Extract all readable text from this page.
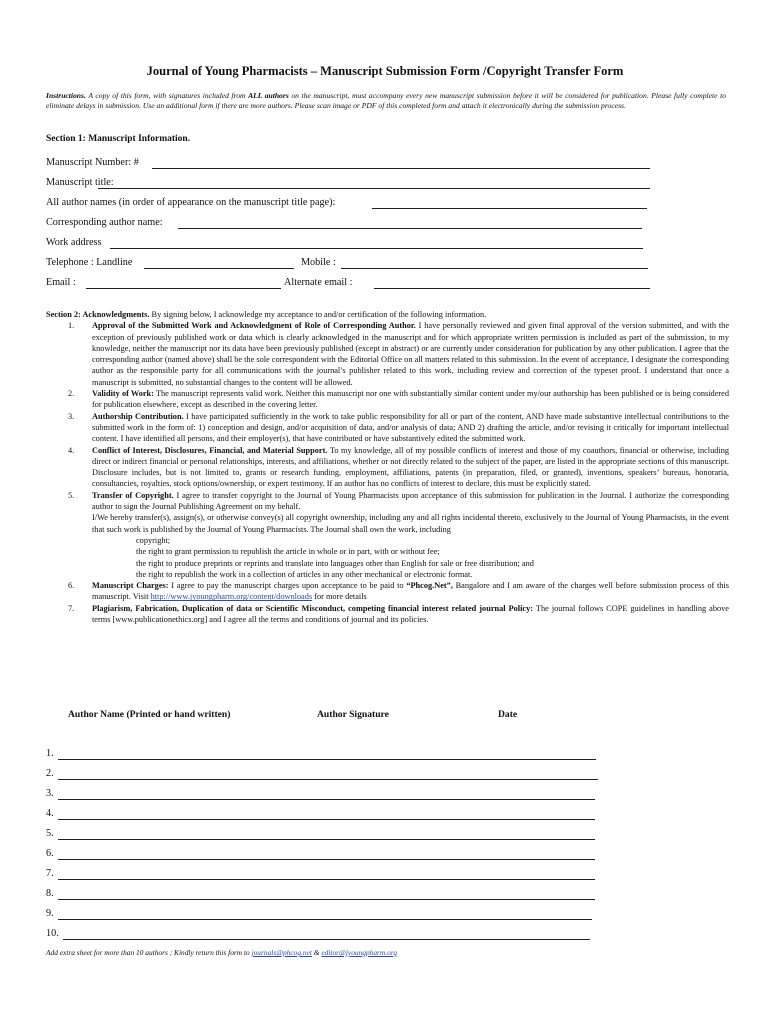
Journal of Young Pharmacists – Manuscript Submission Form /Copyright Transfer Form
Instructions. A copy of this form, with signatures included from ALL authors on the manuscript, must accompany every new manuscript submission before it will be considered for publication. Please fully complete to eliminate delays in submission. Use an additional form if there are more authors. Please scan image or PDF of this completed form and attach it electronically during the submission process.
Section 1: Manuscript Information.
Manuscript Number: #
Manuscript title:
All author names (in order of appearance on the manuscript title page):
Corresponding author name:
Work address
Telephone : Landline	Mobile :
Email :	Alternate email :

Section 2: Acknowledgments. By signing below, I acknowledge my acceptance to and/or certification of the following information.

1. Approval of the Submitted Work and Acknowledgment of Role of Corresponding Author. I have personally reviewed and given final approval of the version submitted, and with the exception of previously published work or data which is clearly acknowledged in the manuscript and for which appropriate written permission is included as part of the submission, to my knowledge, neither the manuscript nor its data have been previously published (except in abstract) or are currently under consideration for publication by any other publication. I agree that the corresponding author (named above) shall be the sole correspondent with the Editorial Office on all matters related to this submission. In the event of acceptance, I designate the corresponding author as the responsible party for all communications with the journal’s publisher related to this work, including review and correction of the typeset proof. I understand that once a manuscript is submitted, no substantial changes to the content will be allowed.
2. Validity of Work: The manuscript represents valid work. Neither this manuscript nor one with substantially similar content under my/our authorship has been published or is being considered for publication elsewhere, except as described in the covering letter.
3. Authorship Contribution. I have participated sufficiently in the work to take public responsibility for all or part of the content, AND have made substantive intellectual contributions to the submitted work in the form of: 1) conception and design, and/or acquisition of data, and/or analysis of data; AND 2) drafting the article, and/or revising it critically for important intellectual content. I have identified all persons, and their employer(s), that have contributed or have substantively edited the submitted work.
4. Conflict of Interest, Disclosures, Financial, and Material Support. To my knowledge, all of my possible conflicts of interest and those of my coauthors, financial or otherwise, including direct or indirect financial or personal relationships, interests, and affiliations, whether or not directly related to the subject of the paper, are listed in the appropriate sections of this manuscript. Disclosure includes, but is not limited to, grants or research funding, employment, affiliations, patents (in preparation, filed, or granted), inventions, speakers’ bureaus, honoraria, consultancies, royalties, stock options/ownership, or expert testimony. If an author has no conflicts of interest to declare, this must be explicitly stated.
5. Transfer of Copyright. I agree to transfer copyright to the Journal of Young Pharmacists upon acceptance of this submission for publication in the Journal. I authorize the corresponding author to sign the Journal Publishing Agreement on my behalf.
I/We hereby transfer(s), assign(s), or otherwise convey(s) all copyright ownership, including any and all rights incidental thereto, exclusively to the Journal of Young Pharmacists, in the event that such work is published by the Journal of Young Pharmacists. The Journal shall own the work, including
copyright;
the right to grant permission to republish the article in whole or in part, with or without fee;
the right to produce preprints or reprints and translate into languages other than English for sale or free distribution; and
the right to republish the work in a collection of articles in any other mechanical or electronic format.
6. Manuscript Charges: I agree to pay the manuscript charges upon acceptance to be paid to “Phcog.Net”, Bangalore and I am aware of the charges well before submission process of this manuscript. Visit http://www.jyoungpharm.org/content/downloads for more details
7. Plagiarism, Fabrication, Duplication of data or Scientific Misconduct, competing financial interest related journal Policy: The journal follows COPE guidelines in handling above terms [www.publicationethics.org] and I agree all the terms and conditions of journal and its policies.
Author Name (Printed or hand written)	Author Signature	Date
1.
2.
3.
4.
5.
6.
7.
8.
9.
10.
Add extra sheet for more than 10 authors ; Kindly return this form to journals@phcog.net & editor@jyoungpharm.org
